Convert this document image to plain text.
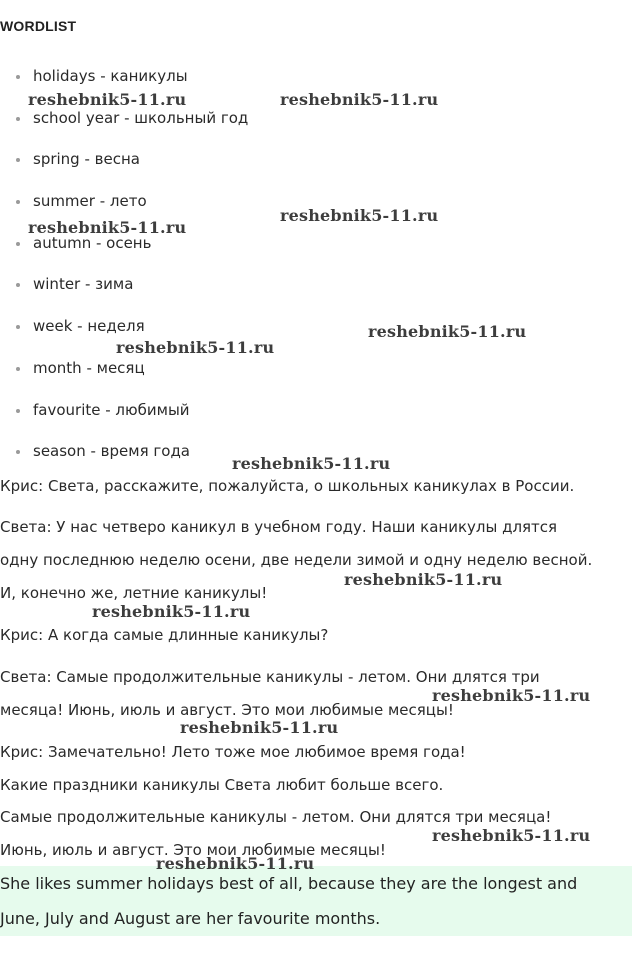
WORDLIST
holidays - каникулы
school year - школьный год
spring - весна
summer - лето
autumn - осень
winter - зима
week - неделя
month - месяц
favourite - любимый
season - время года

Крис: Света, расскажите, пожалуйста, о школьных каникулах в России.

Света: У нас четверо каникул в учебном году. Наши каникулы длятся одну последнюю неделю осени, две недели зимой и одну неделю весной. И, конечно же, летние каникулы!

Крис: А когда самые длинные каникулы?

Света: Самые продолжительные каникулы - летом. Они длятся три месяца! Июнь, июль и август. Это мои любимые месяцы!

Крис: Замечательно! Лето тоже мое любимое время года!

Какие праздники каникулы Света любит больше всего.

Самые продолжительные каникулы - летом. Они длятся три месяца! Июнь, июль и август. Это мои любимые месяцы!

She likes summer holidays best of all, because they are the longest and June, July and August are her favourite months.

reshebnik5-11.ru	reshebnik5-11.ru
reshebnik5-11.ru
reshebnik5-11.ru
reshebnik5-11.ru
reshebnik5-11.ru
reshebnik5-11.ru
reshebnik5-11.ru
reshebnik5-11.ru
reshebnik5-11.ru
reshebnik5-11.ru
reshebnik5-11.ru
reshebnik5-11.ru
